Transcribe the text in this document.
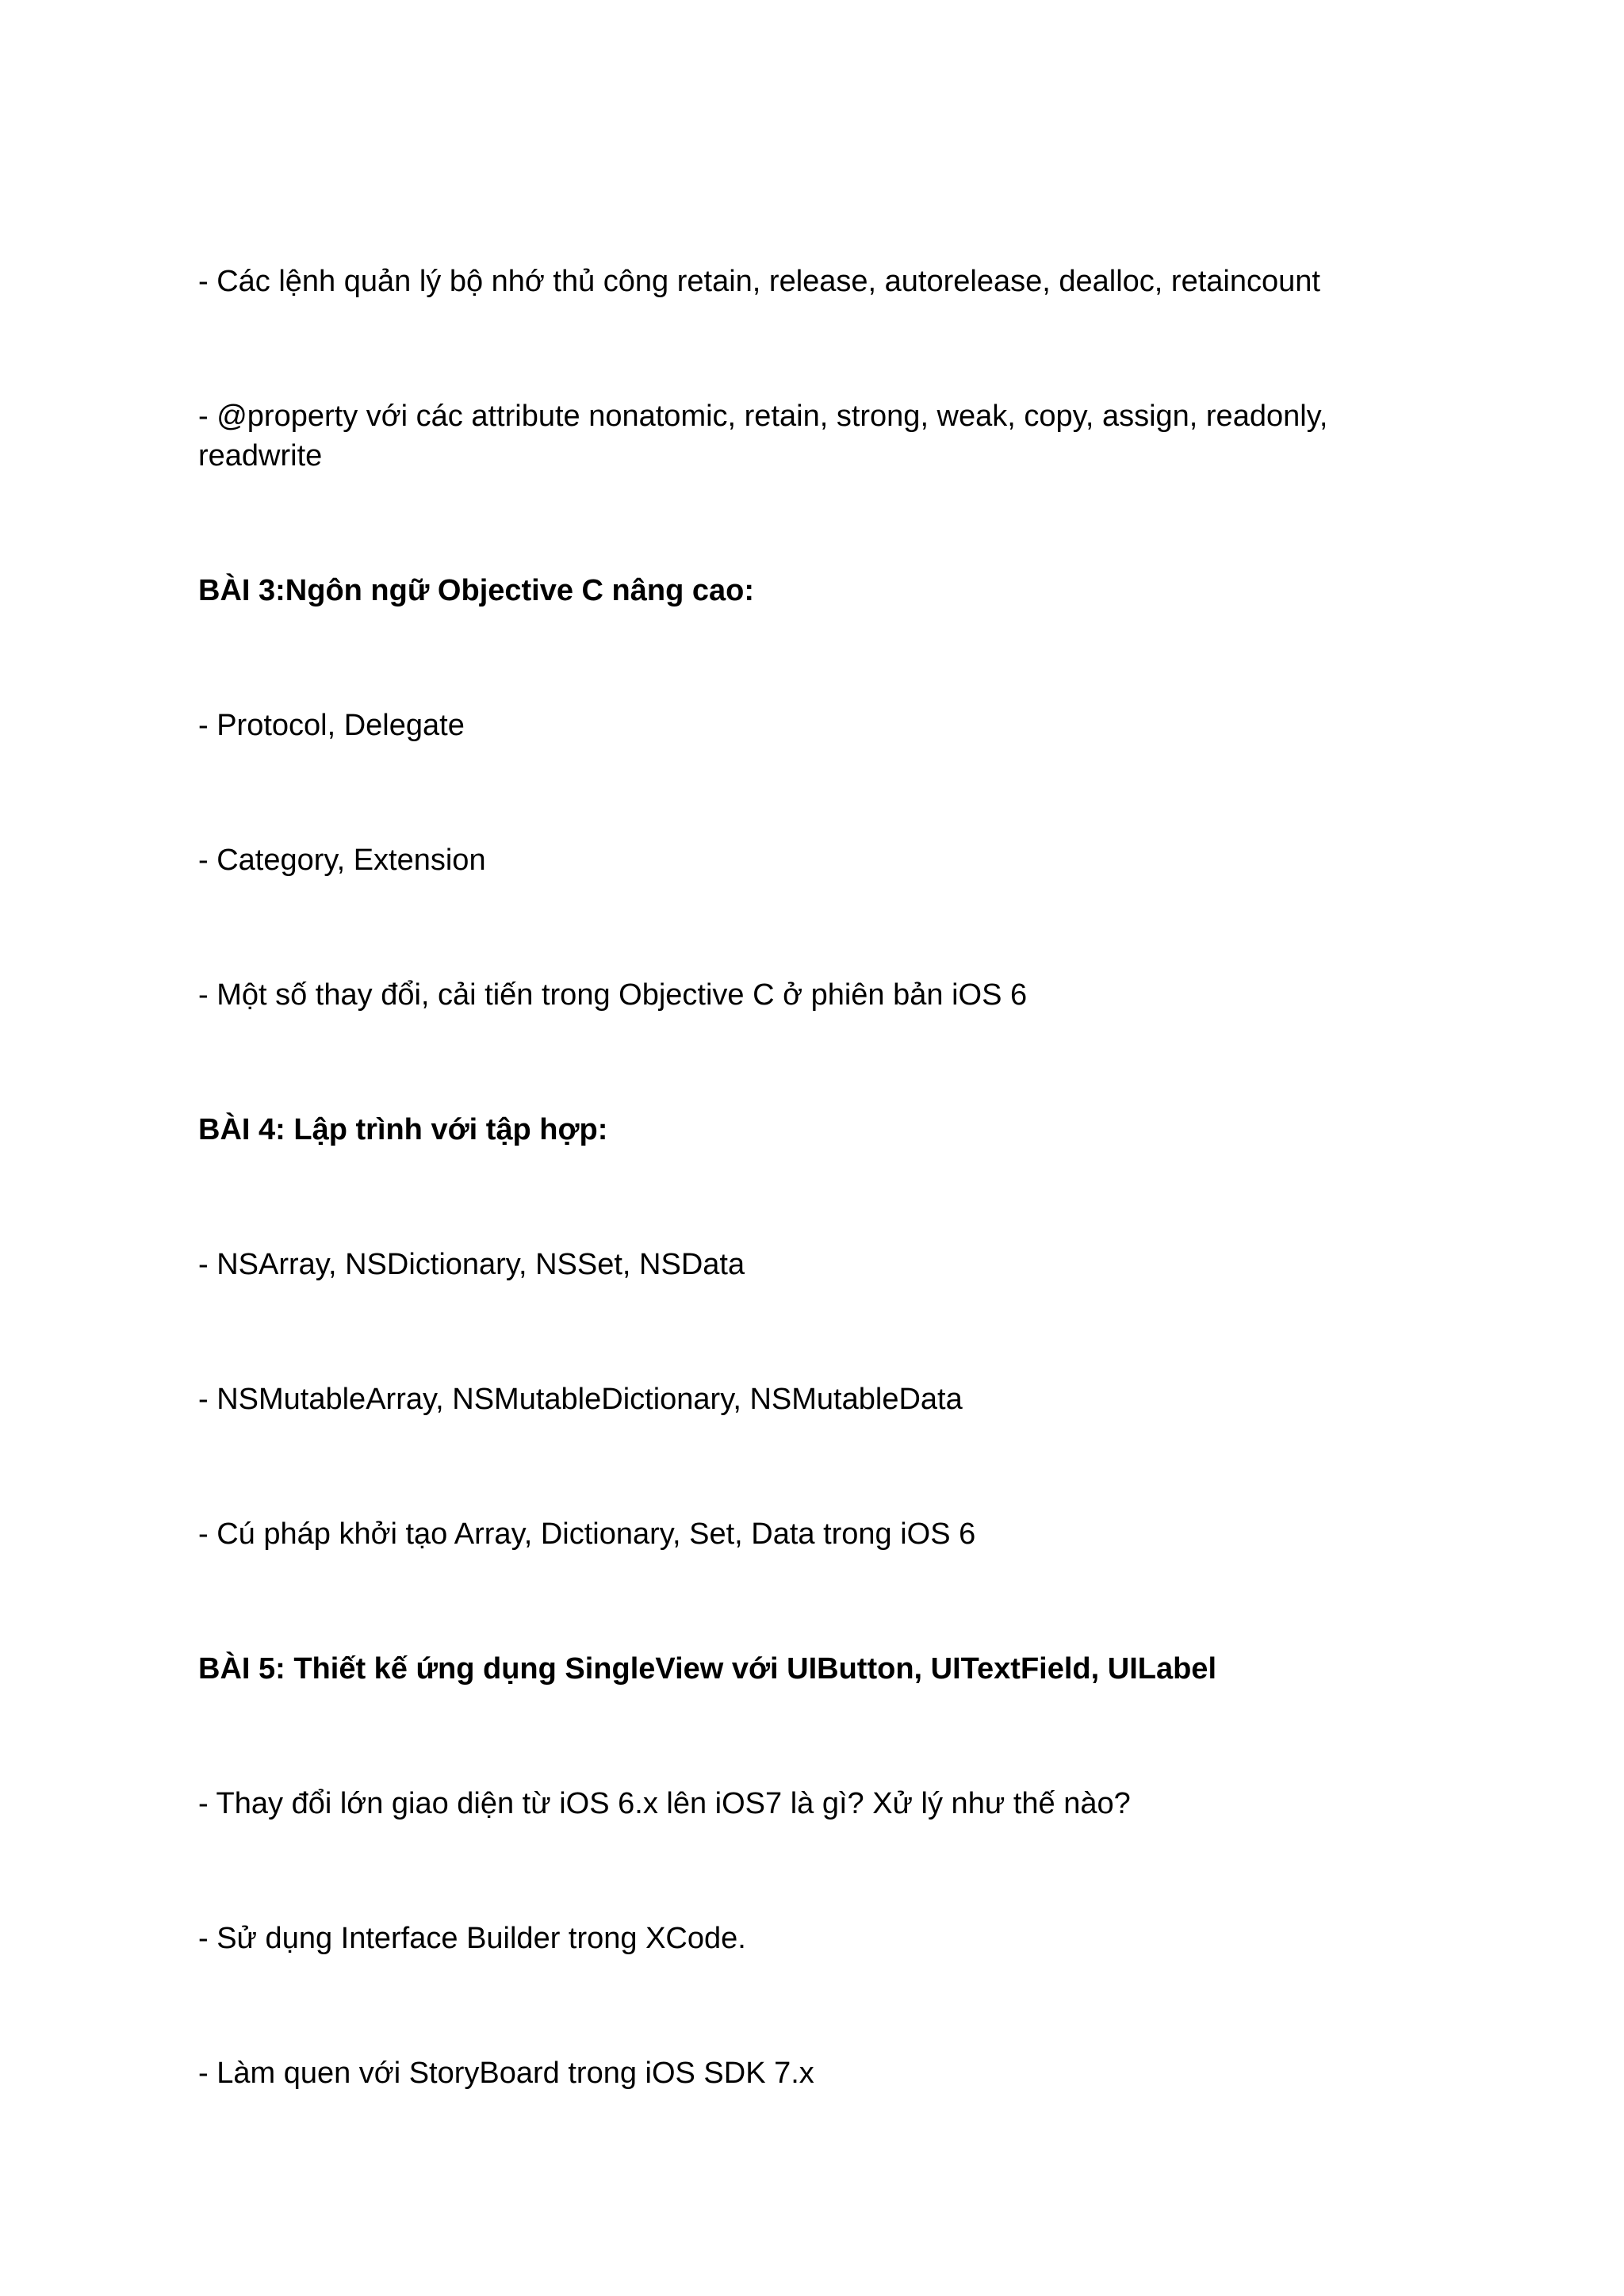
- Các lệnh quản lý bộ nhớ thủ công retain, release, autorelease, dealloc, retaincount

- @property với các attribute nonatomic, retain, strong, weak, copy, assign, readonly, readwrite

BÀI 3:Ngôn ngữ Objective C nâng cao:

- Protocol, Delegate

- Category, Extension

- Một số thay đổi, cải tiến trong Objective C ở phiên bản iOS 6

BÀI 4: Lập trình với tập hợp:

- NSArray, NSDictionary, NSSet, NSData

- NSMutableArray, NSMutableDictionary, NSMutableData

- Cú pháp khởi tạo Array, Dictionary, Set, Data trong iOS 6

BÀI 5: Thiết kế ứng dụng SingleView với UIButton, UITextField, UILabel

- Thay đổi lớn giao diện từ iOS 6.x lên iOS7 là gì? Xử lý như thế nào?

- Sử dụng Interface Builder trong XCode.

- Làm quen với StoryBoard trong iOS SDK 7.x
